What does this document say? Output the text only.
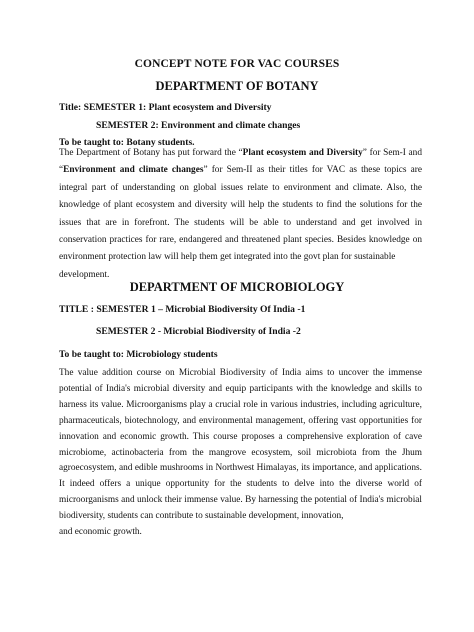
CONCEPT NOTE FOR VAC COURSES
DEPARTMENT OF BOTANY
Title: SEMESTER 1: Plant ecosystem and Diversity
SEMESTER 2: Environment and climate changes
To be taught to: Botany students.
The Department of Botany has put forward the “Plant ecosystem and Diversity” for Sem-I and “Environment and climate changes” for Sem-II as their titles for VAC as these topics are integral part of understanding on global issues relate to environment and climate. Also, the knowledge of plant ecosystem and diversity will help the students to find the solutions for the issues that are in forefront. The students will be able to understand and get involved in conservation practices for rare, endangered and threatened plant species. Besides knowledge on environment protection law will help them get integrated into the govt plan for sustainable
development.
DEPARTMENT OF MICROBIOLOGY
TITLE : SEMESTER 1 – Microbial Biodiversity Of India -1
SEMESTER 2 - Microbial Biodiversity of India -2
To be taught to: Microbiology students
The value addition course on Microbial Biodiversity of India aims to uncover the immense potential of India's microbial diversity and equip participants with the knowledge and skills to harness its value. Microorganisms play a crucial role in various industries, including agriculture, pharmaceuticals, biotechnology, and environmental management, offering vast opportunities for innovation and economic growth. This course proposes a comprehensive exploration of cave microbiome, actinobacteria from the mangrove ecosystem, soil microbiota from the Jhum agroecosystem, and edible mushrooms in Northwest Himalayas, its importance, and applications. It indeed offers a unique opportunity for the students to delve into the diverse world of microorganisms and unlock their immense value. By harnessing the potential of India's microbial biodiversity, students can contribute to sustainable development, innovation,
and economic growth.
